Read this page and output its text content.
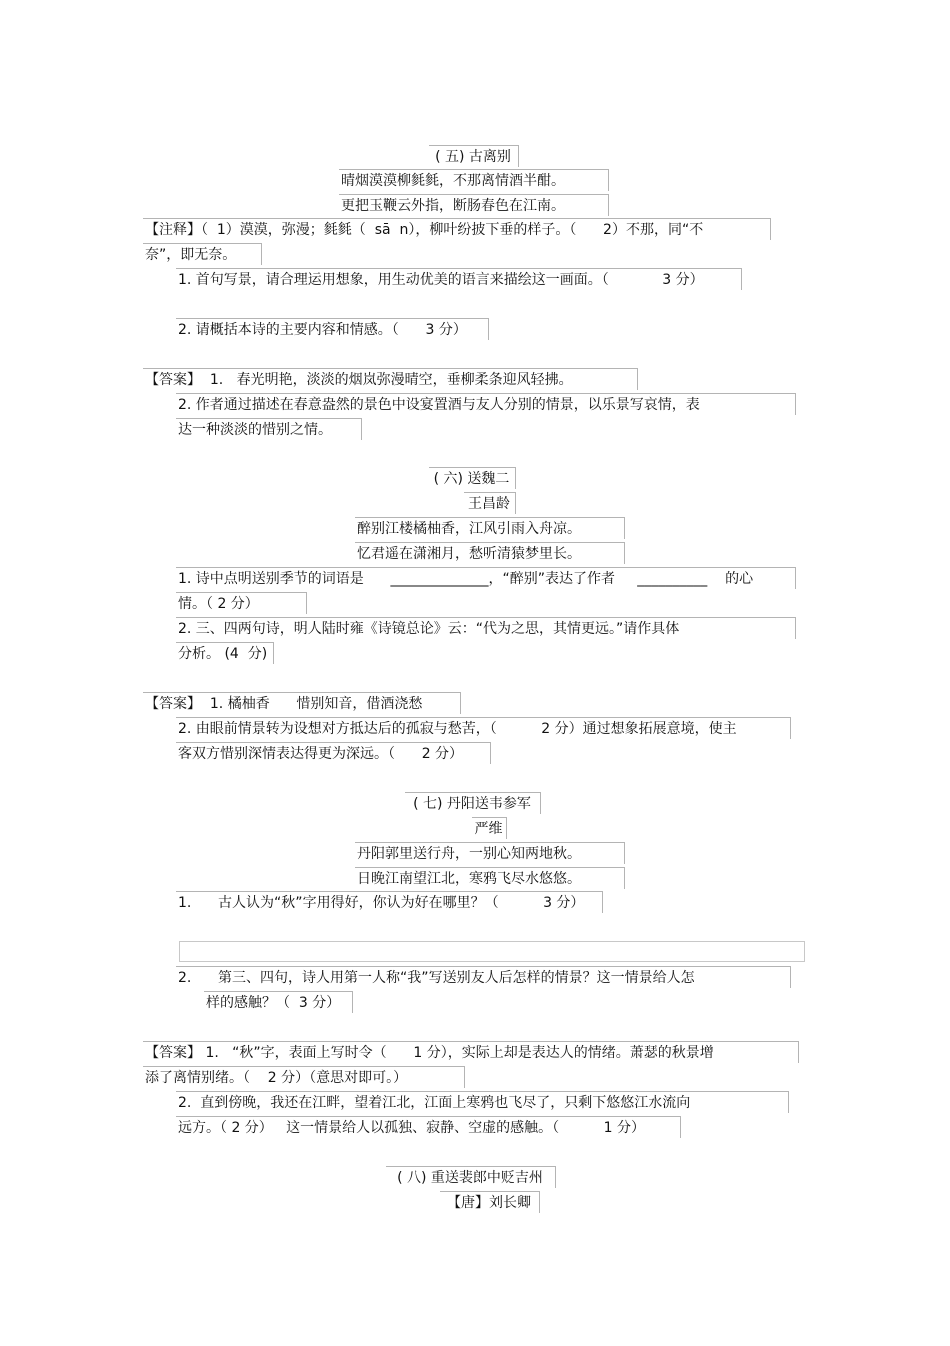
( 五) 古离别
晴烟漠漠柳毵毵，不那离情酒半酣。
更把玉鞭云外指，断肠春色在江南。
【注释】（  1）漠漠，弥漫；毵毵（  sā  n），柳叶纷披下垂的样子。（      2）不那，同“不
奈”，即无奈。
1. 首句写景，请合理运用想象，用生动优美的语言来描绘这一画面。（            3 分）
2. 请概括本诗的主要内容和情感。（      3 分）
【答案】  1.   春光明艳，淡淡的烟岚弥漫晴空，垂柳柔条迎风轻拂。
2. 作者通过描述在春意盎然的景色中设宴置酒与友人分别的情景，以乐景写哀情，表
达一种淡淡的惜别之情。
( 六) 送魏二
王昌龄
醉别江楼橘柚香，江风引雨入舟凉。
忆君遥在潇湘月，愁听清猿梦里长。
1. 诗中点明送别季节的词语是      ______________，“醉别”表达了作者     __________    的心
情。（ 2 分）
2. 三、四两句诗，明人陆时雍《诗镜总论》云：“代为之思，其情更远。”请作具体
分析。 (4  分)
【答案】  1. 橘柚香      惜别知音，借酒浇愁
2. 由眼前情景转为设想对方抵达后的孤寂与愁苦，（          2 分）通过想象拓展意境，使主
客双方惜别深情表达得更为深远。（      2 分）
( 七) 丹阳送韦参军
严维
丹阳郭里送行舟，一别心知两地秋。
日晚江南望江北，寒鸦飞尽水悠悠。
1.      古人认为“秋”字用得好，你认为好在哪里？（          3 分）
2.      第三、四句，诗人用第一人称“我”写送别友人后怎样的情景？这一情景给人怎
样的感触？（  3 分）
【答案】 1.   “秋”字，表面上写时令（      1 分），实际上却是表达人的情绪。萧瑟的秋景增
添了离情别绪。（    2 分）（意思对即可。）
2.  直到傍晚，我还在江畔，望着江北，江面上寒鸦也飞尽了，只剩下悠悠江水流向
远方。（ 2 分）   这一情景给人以孤独、寂静、空虚的感触。（          1 分）
( 八) 重送裴郎中贬吉州
【唐】刘长卿
